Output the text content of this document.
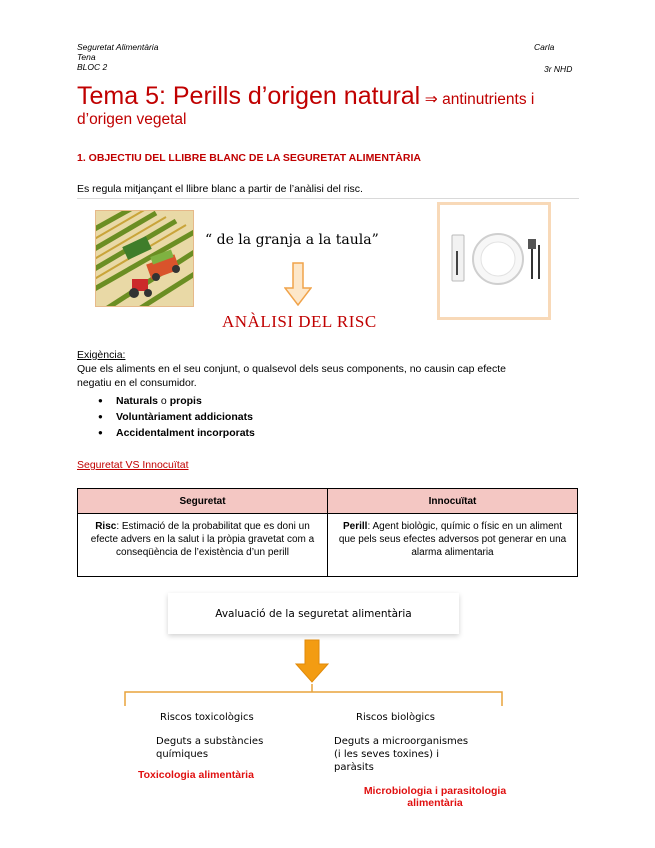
Seguretat Alimentària
Tena
BLOC 2
Carla
3r NHD
Tema 5: Perills d’origen natural ⇒ antinutrients i
d’origen vegetal
1. OBJECTIU DEL LLIBRE BLANC DE LA SEGURETAT ALIMENTÀRIA
Es regula mitjançant el llibre blanc a partir de l’anàlisi del risc.
“ de la granja a la taula”
ANÀLISI DEL RISC
Exigència:
Que els aliments en el seu conjunt, o qualsevol dels seus components, no causin cap efecte
negatiu en el consumidor.
● Naturals o propis
● Voluntàriament addicionats
● Accidentalment incorporats
Seguretat VS Innocuïtat
Seguretat	Innocuïtat
Risc: Estimació de la probabilitat que es doni un efecte advers en la salut i la pròpia gravetat com a conseqüència de l’existència d’un perill	Perill: Agent biològic, químic o físic en un aliment que pels seus efectes adversos pot generar en una alarma alimentaria
Avaluació de la seguretat alimentària
Riscos toxicològics
Deguts a substàncies
químiques
Toxicologia alimentària
Riscos biològics
Deguts a microorganismes
(i les seves toxines) i
paràsits
Microbiologia i parasitologia
alimentària
